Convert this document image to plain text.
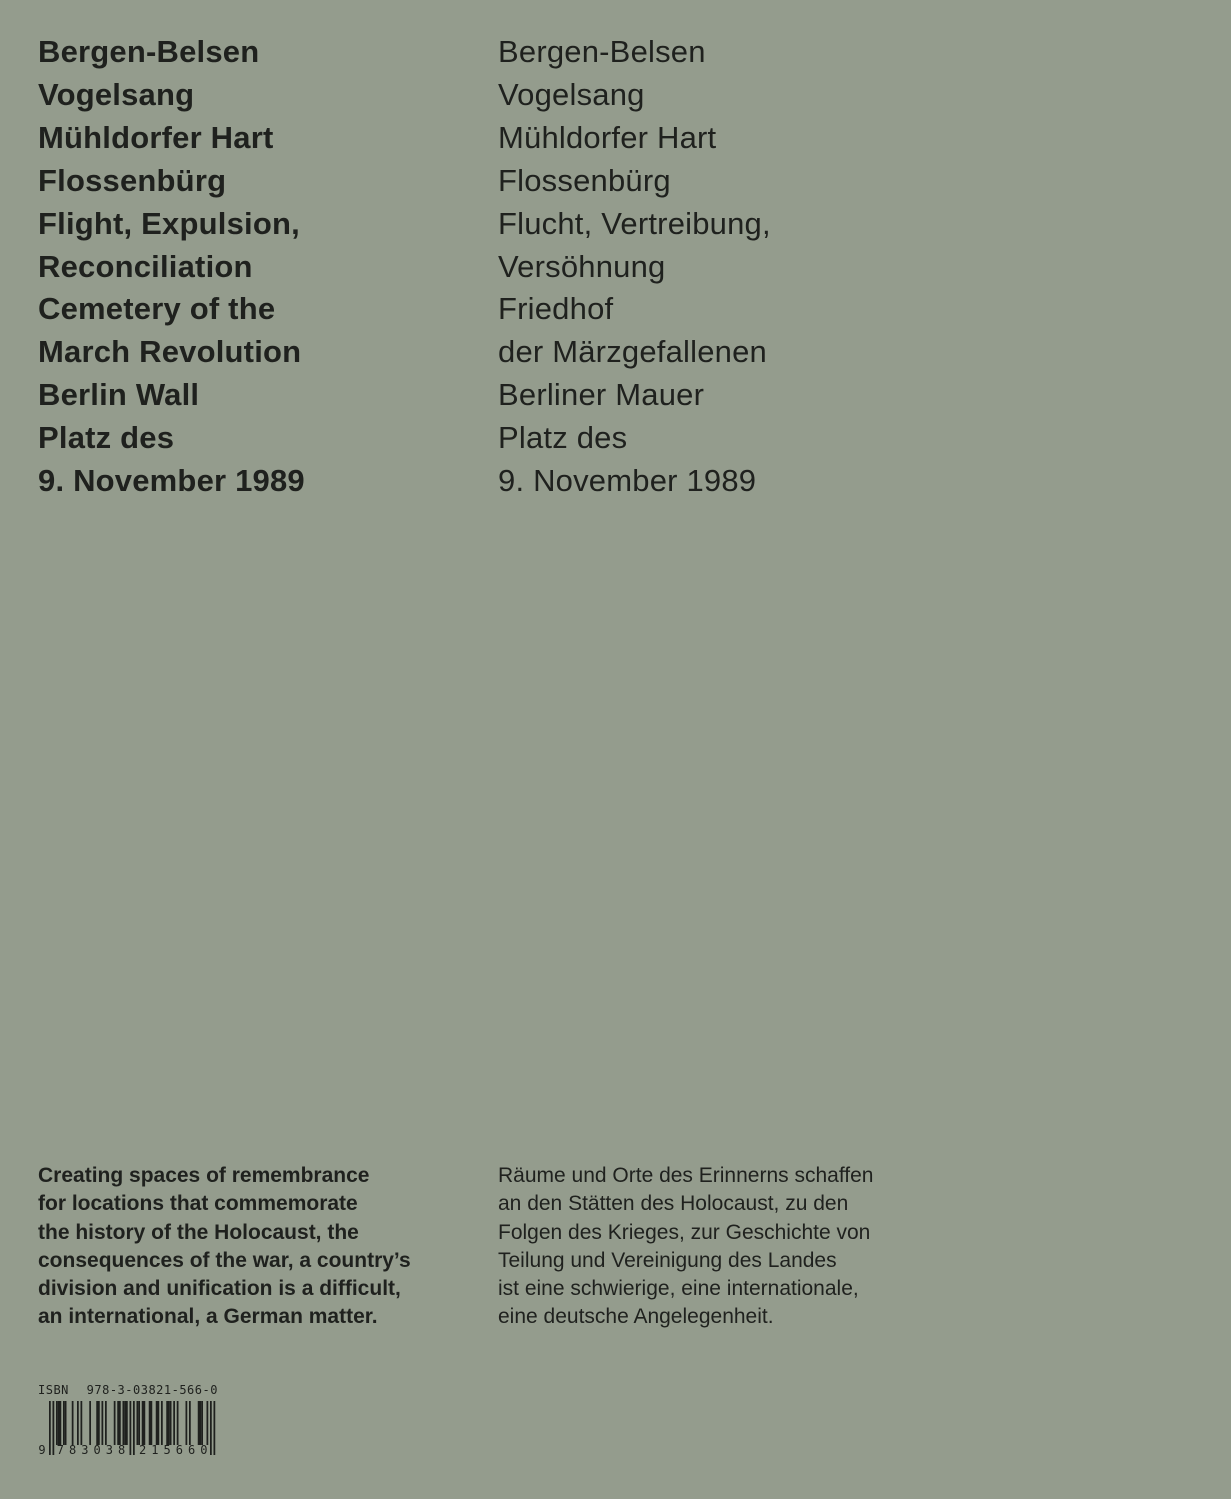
Bergen-Belsen
Vogelsang
Mühldorfer Hart
Flossenbürg
Flight, Expulsion,
Reconciliation
Cemetery of the
March Revolution
Berlin Wall
Platz des
9. November 1989
Bergen-Belsen
Vogelsang
Mühldorfer Hart
Flossenbürg
Flucht, Vertreibung,
Versöhnung
Friedhof
der Märzgefallenen
Berliner Mauer
Platz des
9. November 1989
Creating spaces of remembrance
for locations that commemorate
the history of the Holocaust, the
consequences of the war, a country’s
division and unification is a difficult,
an international, a German matter.
Räume und Orte des Erinnerns schaffen
an den Stätten des Holocaust, zu den
Folgen des Krieges, zur Geschichte von
Teilung und Vereinigung des Landes
ist eine schwierige, eine internationale,
eine deutsche Angelegenheit.
ISBN 978-3-03821-566-0
9 7 8 3 0 3 8 2 1 5 6 6 0
